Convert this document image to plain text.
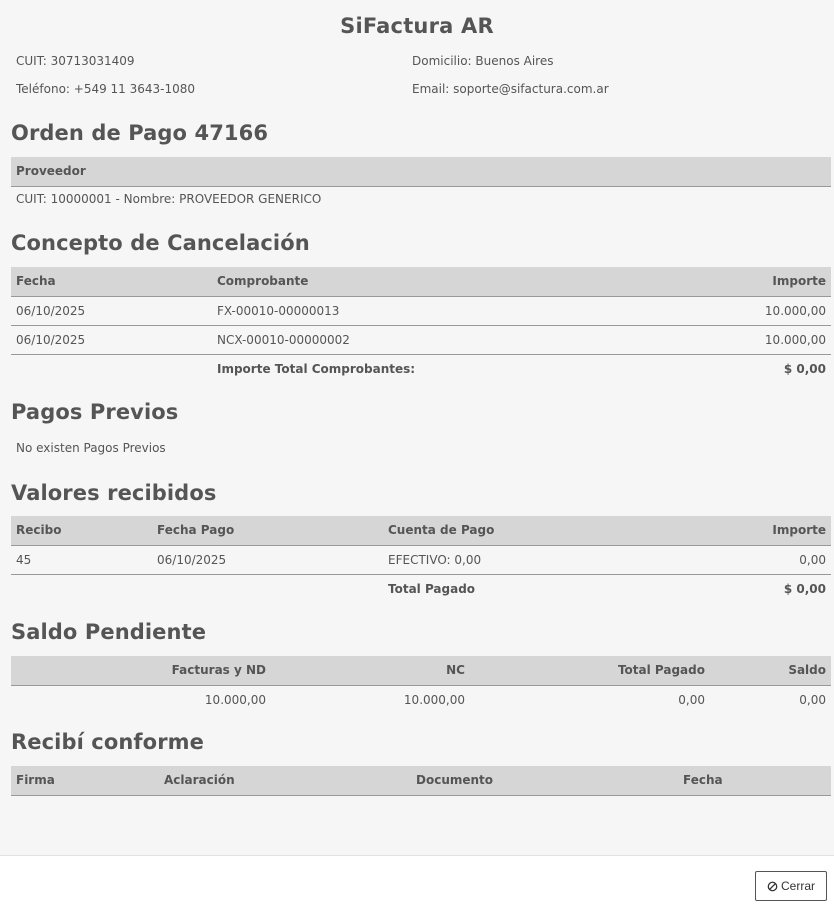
SiFactura AR
CUIT: 30713031409	Domicilio: Buenos Aires
Teléfono: +549 11 3643-1080	Email: soporte@sifactura.com.ar
Orden de Pago 47166
Proveedor
CUIT: 10000001 - Nombre: PROVEEDOR GENERICO
Concepto de Cancelación
Fecha	Comprobante	Importe
06/10/2025	FX-00010-00000013	10.000,00
06/10/2025	NCX-00010-00000002	10.000,00
	Importe Total Comprobantes:	$ 0,00
Pagos Previos
No existen Pagos Previos
Valores recibidos
Recibo	Fecha Pago	Cuenta de Pago	Importe
45	06/10/2025	EFECTIVO: 0,00	0,00
		Total Pagado	$ 0,00
Saldo Pendiente
Facturas y ND	NC	Total Pagado	Saldo
10.000,00	10.000,00	0,00	0,00
Recibí conforme
Firma	Aclaración	Documento	Fecha
Cerrar
